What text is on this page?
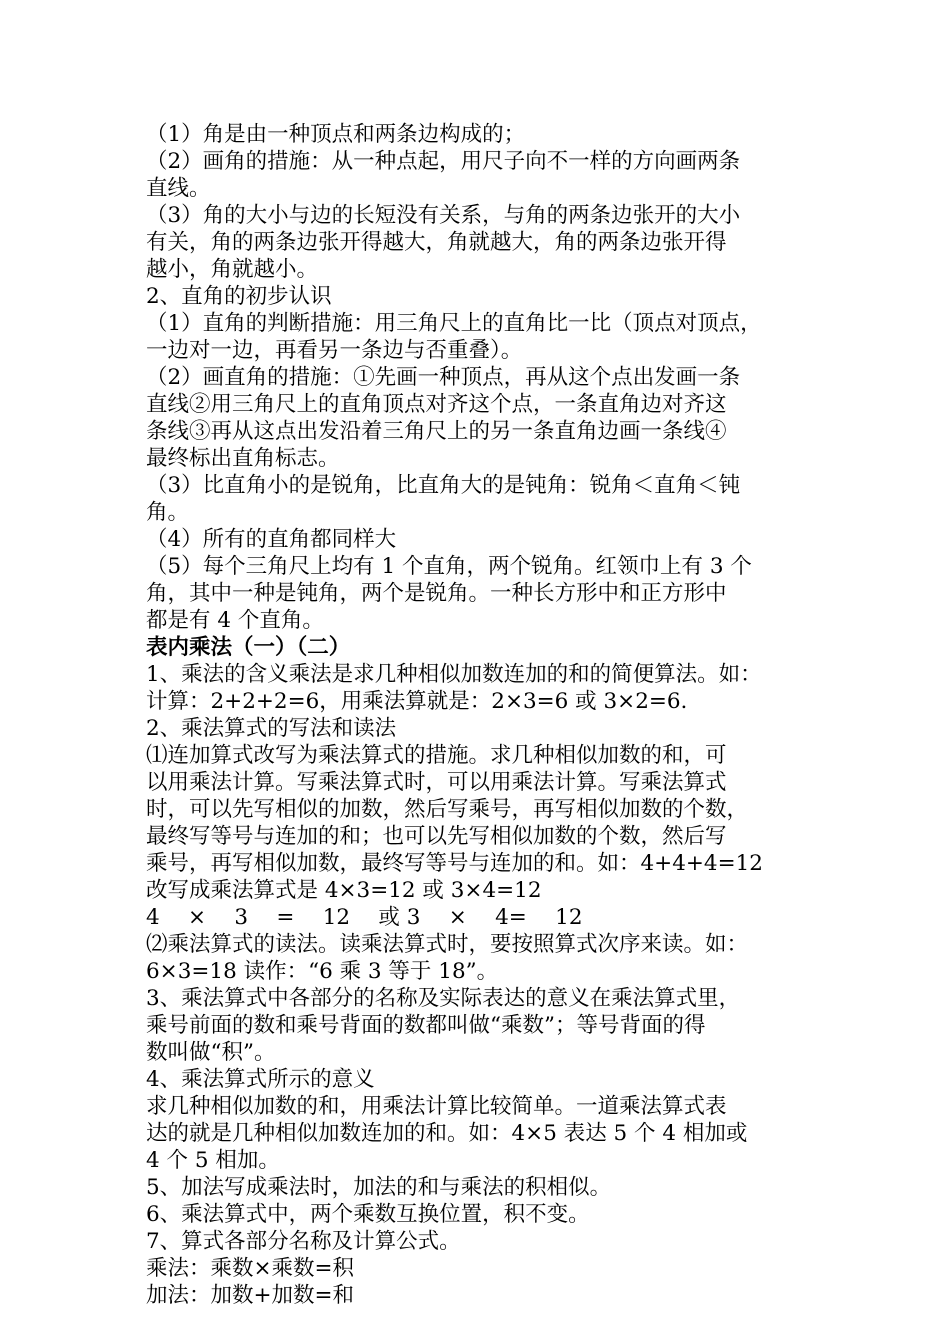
（1）角是由一种顶点和两条边构成的；
（2）画角的措施：从一种点起，用尺子向不一样的方向画两条
直线。
（3）角的大小与边的长短没有关系，与角的两条边张开的大小
有关，角的两条边张开得越大，角就越大，角的两条边张开得
越小，角就越小。
2、直角的初步认识
（1）直角的判断措施：用三角尺上的直角比一比（顶点对顶点，
一边对一边，再看另一条边与否重叠）。
（2）画直角的措施：①先画一种顶点，再从这个点出发画一条
直线②用三角尺上的直角顶点对齐这个点，一条直角边对齐这
条线③再从这点出发沿着三角尺上的另一条直角边画一条线④
最终标出直角标志。
（3）比直角小的是锐角，比直角大的是钝角：锐角＜直角＜钝
角。
（4）所有的直角都同样大
（5）每个三角尺上均有 1 个直角，两个锐角。红领巾上有 3 个
角，其中一种是钝角，两个是锐角。一种长方形中和正方形中
都是有 4 个直角。
表内乘法（一）（二）
1、乘法的含义乘法是求几种相似加数连加的和的简便算法。如：
计算：2+2+2=6，用乘法算就是：2×3=6 或 3×2=6.
2、乘法算式的写法和读法
⑴连加算式改写为乘法算式的措施。求几种相似加数的和，可
以用乘法计算。写乘法算式时，可以用乘法计算。写乘法算式
时，可以先写相似的加数，然后写乘号，再写相似加数的个数，
最终写等号与连加的和；也可以先写相似加数的个数，然后写
乘号，再写相似加数，最终写等号与连加的和。如：4+4+4=12
改写成乘法算式是 4×3=12 或 3×4=12
4　 ×　 3　 =　 12　 或 3　 ×　 4=　 12
⑵乘法算式的读法。读乘法算式时，要按照算式次序来读。如：
6×3=18 读作：“6 乘 3 等于 18”。
3、乘法算式中各部分的名称及实际表达的意义在乘法算式里，
乘号前面的数和乘号背面的数都叫做“乘数”；等号背面的得
数叫做“积”。
4、乘法算式所示的意义
求几种相似加数的和，用乘法计算比较简单。一道乘法算式表
达的就是几种相似加数连加的和。如：4×5 表达 5 个 4 相加或
4 个 5 相加。
5、加法写成乘法时，加法的和与乘法的积相似。
6、乘法算式中，两个乘数互换位置，积不变。
7、算式各部分名称及计算公式。
乘法：乘数×乘数=积
加法：加数+加数=和
